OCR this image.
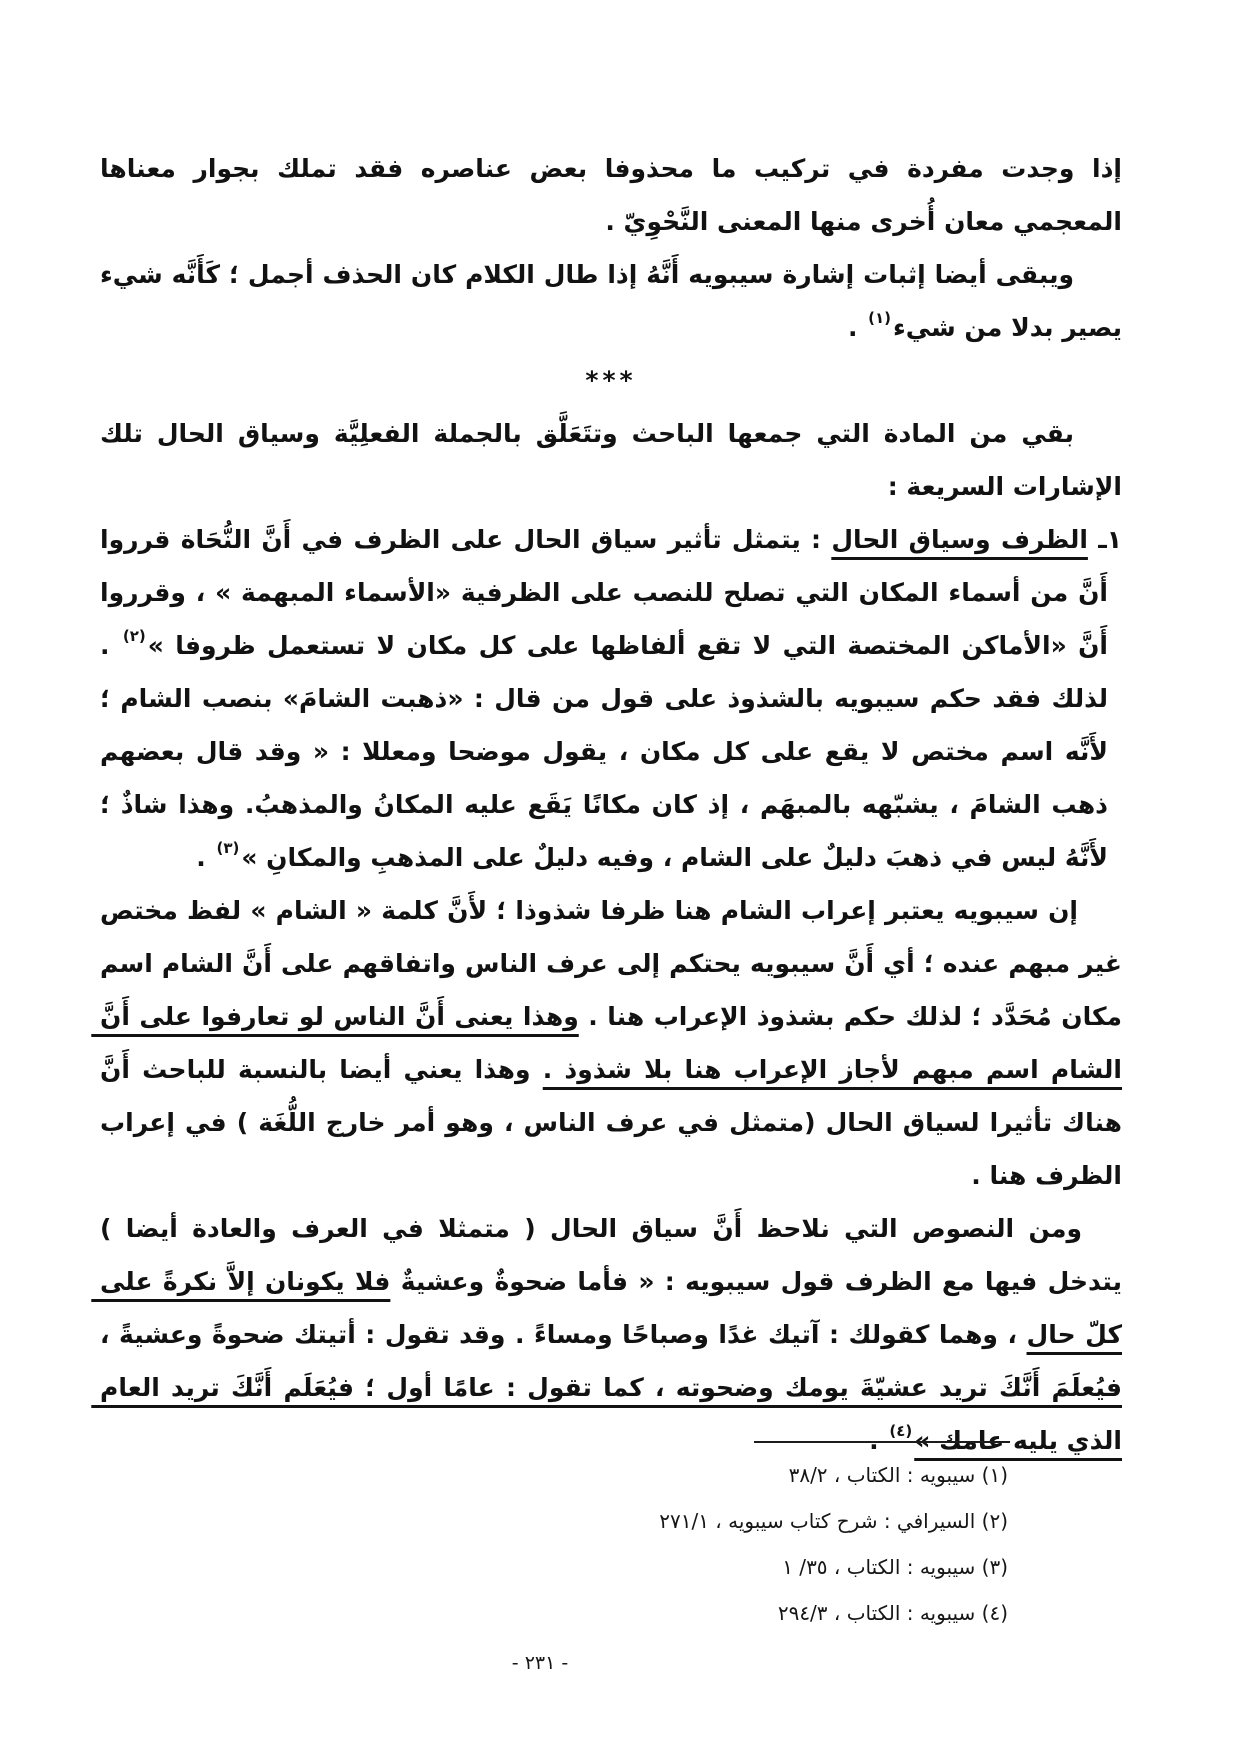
إذا وجدت مفردة في تركيب ما محذوفا بعض عناصره فقد تملك بجوار معناها المعجمي معان أُخرى منها المعنى النَّحْوِيّ .

ويبقى أيضا إثبات إشارة سيبويه أَنَّهُ إذا طال الكلام كان الحذف أجمل ؛ كَأَنَّه شيء يصير بدلا من شيء$^{(١)}$ .

***

بقي من المادة التي جمعها الباحث وتتَعَلَّق بالجملة الفعلِيَّة وسياق الحال تلك الإشارات السريعة :

١ـ الظرف وسياق الحال : يتمثل تأثير سياق الحال على الظرف في أَنَّ النُّحَاة قرروا أَنَّ من أسماء المكان التي تصلح للنصب على الظرفية «الأسماء المبهمة » ، وقرروا أَنَّ «الأماكن المختصة التي لا تقع ألفاظها على كل مكان لا تستعمل ظروفا »$^{(٢)}$ . لذلك فقد حكم سيبويه بالشذوذ على قول من قال : «ذهبت الشامَ» بنصب الشام ؛ لأَنَّه اسم مختص لا يقع على كل مكان ، يقول موضحا ومعللا : « وقد قال بعضهم ذهب الشامَ ، يشبّهه بالمبهَم ، إذ كان مكانًا يَقَع عليه المكانُ والمذهبُ. وهذا شاذٌ ؛ لأَنَّهُ ليس في ذهبَ دليلٌ على الشام ، وفيه دليلٌ على المذهبِ والمكانِ »$^{(٣)}$ .

إن سيبويه يعتبر إعراب الشام هنا ظرفا شذوذا ؛ لأَنَّ كلمة « الشام » لفظ مختص غير مبهم عنده ؛ أي أَنَّ سيبويه يحتكم إلى عرف الناس واتفاقهم على أَنَّ الشام اسم مكان مُحَدَّد ؛ لذلك حكم بشذوذ الإعراب هنا . وهذا يعنى أَنَّ الناس لو تعارفوا على أَنَّ الشام اسم مبهم لأجاز الإعراب هنا بلا شذوذ . وهذا يعني أيضا بالنسبة للباحث أَنَّ هناك تأثيرا لسياق الحال (متمثل في عرف الناس ، وهو أمر خارج اللُّغَة ) في إعراب الظرف هنا .

ومن النصوص التي نلاحظ أَنَّ سياق الحال ( متمثلا في العرف والعادة أيضا ) يتدخل فيها مع الظرف قول سيبويه : « فأما ضحوةٌ وعشيةٌ فلا يكونان إلاَّ نكرةً على كلّ حال ، وهما كقولك : آتيك غدًا وصباحًا ومساءً . وقد تقول : أتيتك ضحوةً وعشيةً ، فيُعلَمَ أَنَّكَ تريد عشيّةَ يومك وضحوته ، كما تقول : عامًا أول ؛ فيُعَلَم أَنَّكَ تريد العام الذي يليه عامك »$^{(٤)}$ .

(١) سيبويه : الكتاب ، ٣٨/٢
(٢) السيرافي : شرح كتاب سيبويه ، ٢٧١/١
(٣) سيبويه : الكتاب ، ٣٥/ ١
(٤) سيبويه : الكتاب ، ٢٩٤/٣
- ٢٣١ -
